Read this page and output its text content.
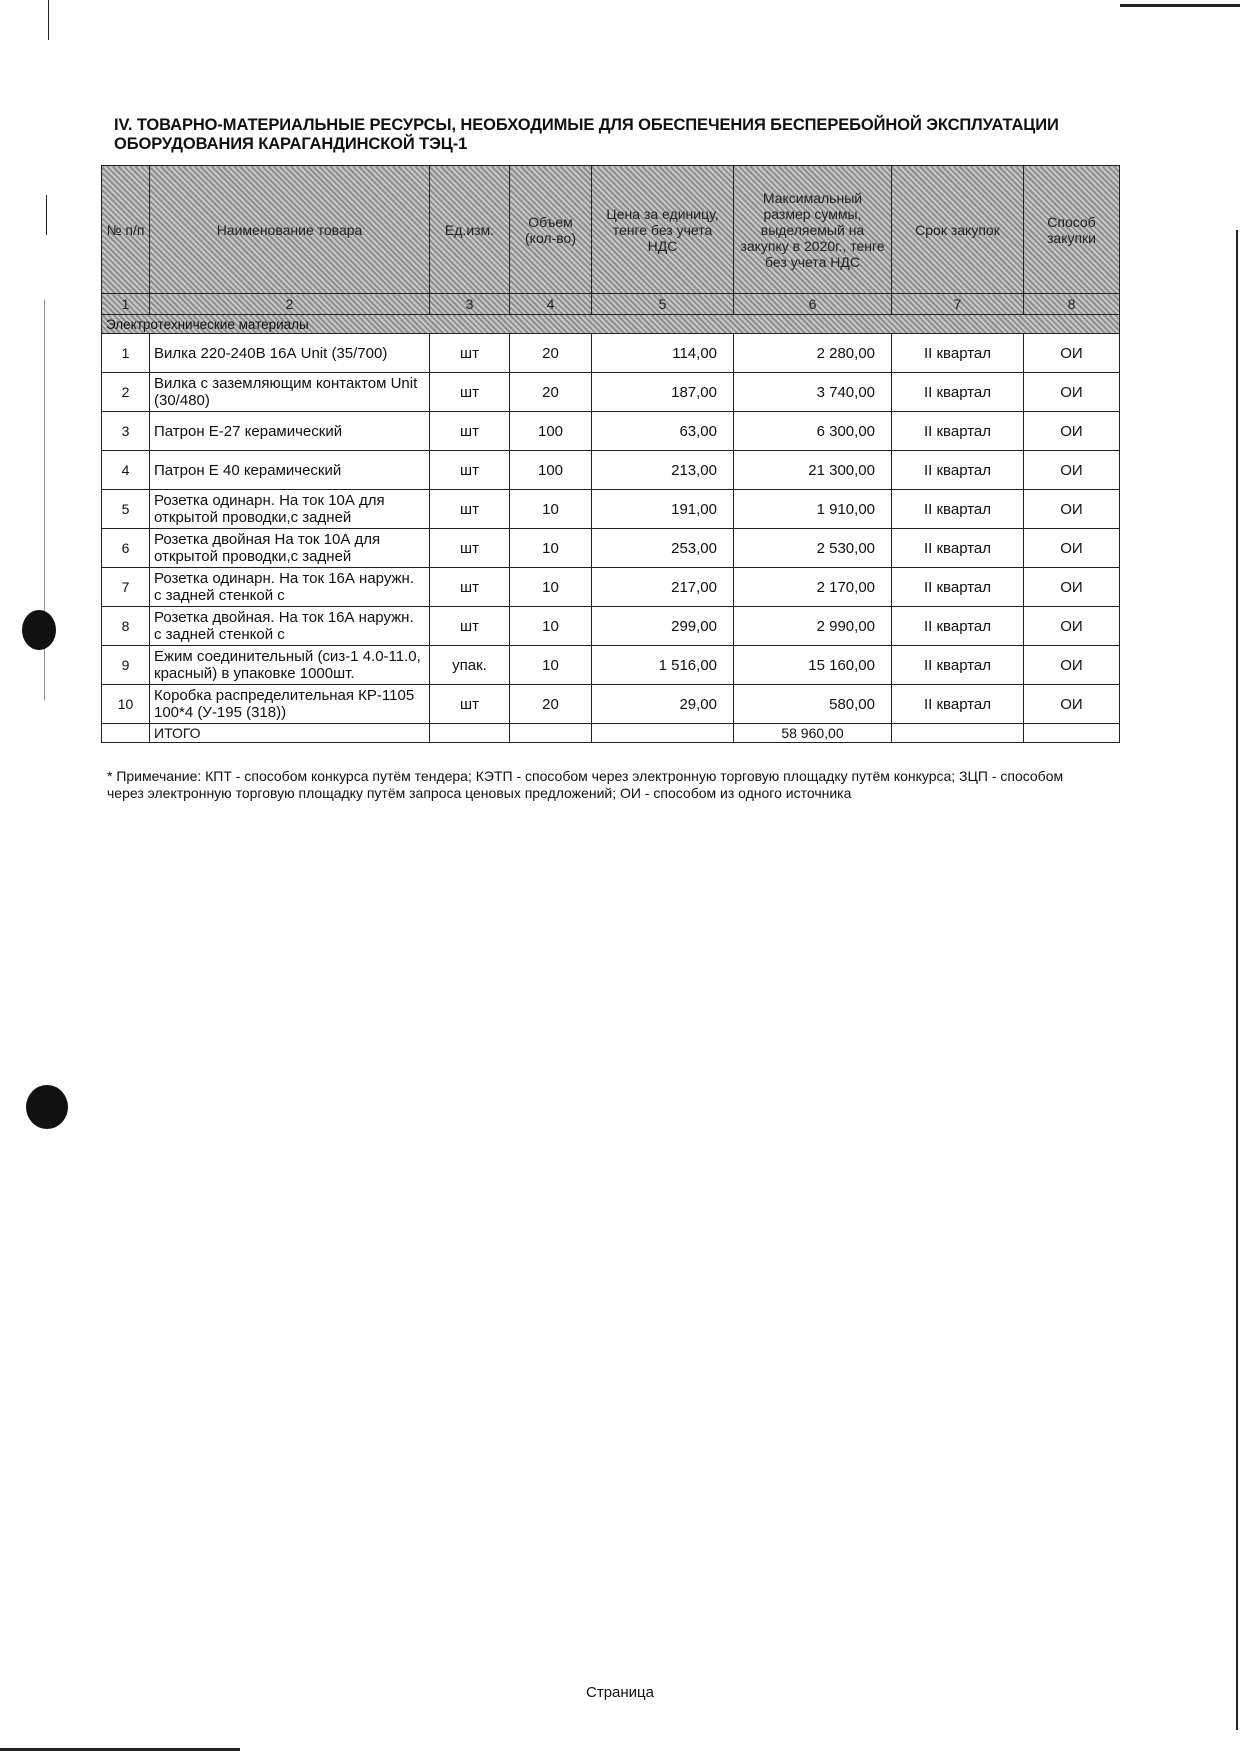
IV. ТОВАРНО-МАТЕРИАЛЬНЫЕ РЕСУРСЫ, НЕОБХОДИМЫЕ ДЛЯ ОБЕСПЕЧЕНИЯ БЕСПЕРЕБОЙНОЙ ЭКСПЛУАТАЦИИ
ОБОРУДОВАНИЯ КАРАГАНДИНСКОЙ ТЭЦ-1
№ п/п	Наименование товара	Ед.изм.	Объем (кол-во)	Цена за единицу, тенге без учета НДС	Максимальный размер суммы, выделяемый на закупку в 2020г., тенге без учета НДС	Срок закупок	Способ закупки
1	2	3	4	5	6	7	8
Электротехнические материалы							
1	Вилка 220-240В 16А Unit (35/700)	шт	20	114,00	2 280,00	II квартал	ОИ
2	Вилка с заземляющим контактом Unit (30/480)	шт	20	187,00	3 740,00	II квартал	ОИ
3	Патрон Е-27 керамический	шт	100	63,00	6 300,00	II квартал	ОИ
4	Патрон Е 40 керамический	шт	100	213,00	21 300,00	II квартал	ОИ
5	Розетка одинарн. На ток 10А для открытой проводки,с задней	шт	10	191,00	1 910,00	II квартал	ОИ
6	Розетка двойная На ток 10А для открытой проводки,с задней	шт	10	253,00	2 530,00	II квартал	ОИ
7	Розетка одинарн. На ток 16А наружн. с задней стенкой с	шт	10	217,00	2 170,00	II квартал	ОИ
8	Розетка двойная. На ток 16А наружн. с задней стенкой с	шт	10	299,00	2 990,00	II квартал	ОИ
9	Ежим соединительный (сиз-1 4.0-11.0, красный) в упаковке 1000шт.	упак.	10	1 516,00	15 160,00	II квартал	ОИ
10	Коробка распределительная КР-1105 100*4 (У-195 (318))	шт	20	29,00	580,00	II квартал	ОИ
	ИТОГО				58 960,00		
* Примечание: КПТ - способом конкурса путём тендера; КЭТП - способом через электронную торговую площадку путём конкурса; ЗЦП - способом через электронную торговую площадку путём запроса ценовых предложений; ОИ - способом из одного источника
Страница
